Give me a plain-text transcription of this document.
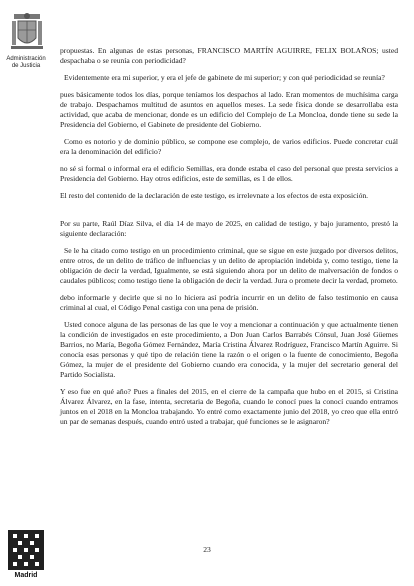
Administración de Justicia
Madrid

propuestas. En algunas de estas personas, FRANCISCO MARTÍN AGUIRRE, FELIX BOLAÑOS; usted despachaba o se reunía con periodicidad?

Evidentemente era mi superior, y era el jefe de gabinete de mi superior; y con qué periodicidad se reunía?

pues básicamente todos los días, porque teníamos los despachos al lado. Eran momentos de muchísima carga de trabajo. Despachamos multitud de asuntos en aquellos meses. La sede física donde se desarrollaba esta actividad, que acaba de mencionar, donde es un edificio del Complejo de La Moncloa, donde tiene su sede la Presidencia del Gobierno, el Gabinete de presidente del Gobierno.

Como es notorio y de dominio público, se compone ese complejo, de varios edificios. Puede concretar cuál era la denominación del edificio?

no sé si formal o informal era el edificio Semillas, era donde estaba el caso del personal que presta servicios a Presidencia del Gobierno. Hay otros edificios, este de semillas, es 1 de ellos.

El resto del contenido de la declaración de este testigo, es irrelevnate a los efectos de esta exposición.

Por su parte, Raúl Díaz Silva, el día 14 de mayo de 2025, en calidad de testigo, y bajo juramento, prestó la siguiente declaración:

Se le ha citado como testigo en un procedimiento criminal, que se sigue en este juzgado por diversos delitos, entre otros, de un delito de tráfico de influencias y un delito de apropiación indebida y, como testigo, tiene la obligación de decir la verdad, Igualmente, se está siguiendo ahora por un delito de malversación de fondos o caudales públicos; como testigo tiene la obligación de decir la verdad. Jura o promete decir la verdad, prometo.

debo informarle y decirle que si no lo hiciera así podría incurrir en un delito de falso testimonio en causa criminal al cual, el Código Penal castiga con una pena de prisión.

Usted conoce alguna de las personas de las que le voy a mencionar a continuación y que actualmente tienen la condición de investigados en este procedimiento, a Don Juan Carlos Barrabés Cónsul, Juan José Güemes Barrios, no María, Begoña Gómez Fernández, María Cristina Álvarez Rodríguez, Francisco Martín Aguirre. Si conocía esas personas y qué tipo de relación tiene la razón o el origen o la fuente de conocimiento, Begoña Gómez, la mujer de el presidente del Gobierno cuando era conocida, y la mujer del secretario general del Partido Socialista.

Y eso fue en qué año? Pues a finales del 2015, en el cierre de la campaña que hubo en el 2015, si Cristina Álvarez Álvarez, en la fase, intenta, secretaria de Begoña, cuando le conocí pues la conocí cuando entramos juntos en el 2018 en la Moncloa trabajando. Yo entré como exactamente junio del 2018, yo creo que ella entró un par de semanas después, cuando entró usted a trabajar, qué funciones se le asignaron?

23
